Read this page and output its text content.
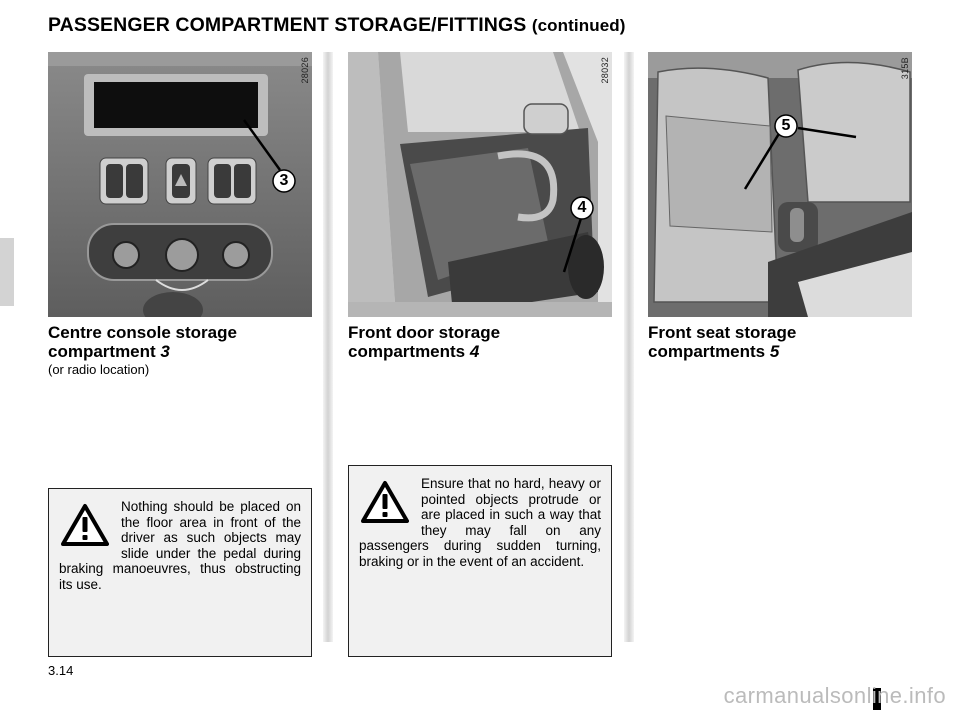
PASSENGER COMPARTMENT STORAGE/FITTINGS (continued)
3
28026
4
28032
5
315B
Centre console storage compartment 3
(or radio location)
Front door storage compartments 4
Front seat storage compartments 5

Nothing should be placed on the floor area in front of the driver as such objects may slide under the pedal during braking manoeuvres, thus obstructing its use.

Ensure that no hard, heavy or pointed objects protrude or are placed in such a way that they may fall on any passengers during sudden turning, braking or in the event of an accident.

3.14
carmanualsonline.info
